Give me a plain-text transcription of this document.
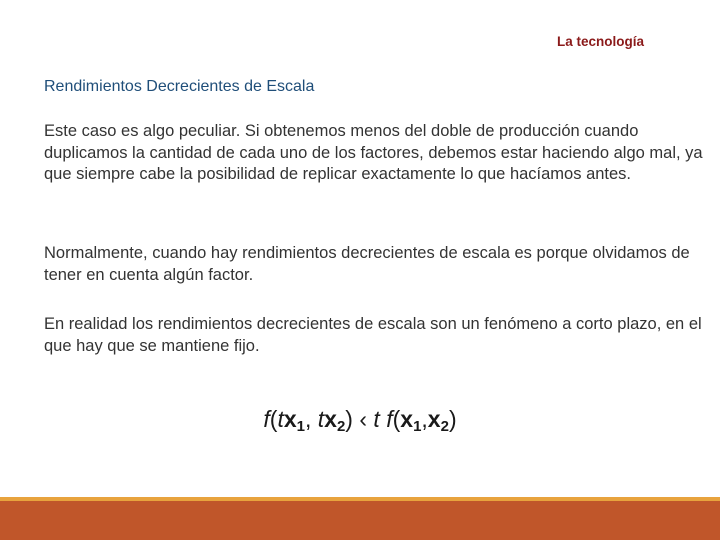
La tecnología
Rendimientos Decrecientes de Escala
Este caso es algo peculiar. Si obtenemos menos del doble de producción cuando duplicamos la cantidad de cada uno de los factores, debemos estar haciendo algo mal, ya que siempre cabe la posibilidad de replicar exactamente lo que hacíamos antes.
Normalmente, cuando hay rendimientos decrecientes de escala es porque olvidamos de tener en cuenta algún factor.
En realidad los rendimientos decrecientes de escala son un fenómeno a corto plazo, en el que hay que se mantiene fijo.
$f(tx_1$, $tx_2$) ‹ t $f(x_1,x_2)$
